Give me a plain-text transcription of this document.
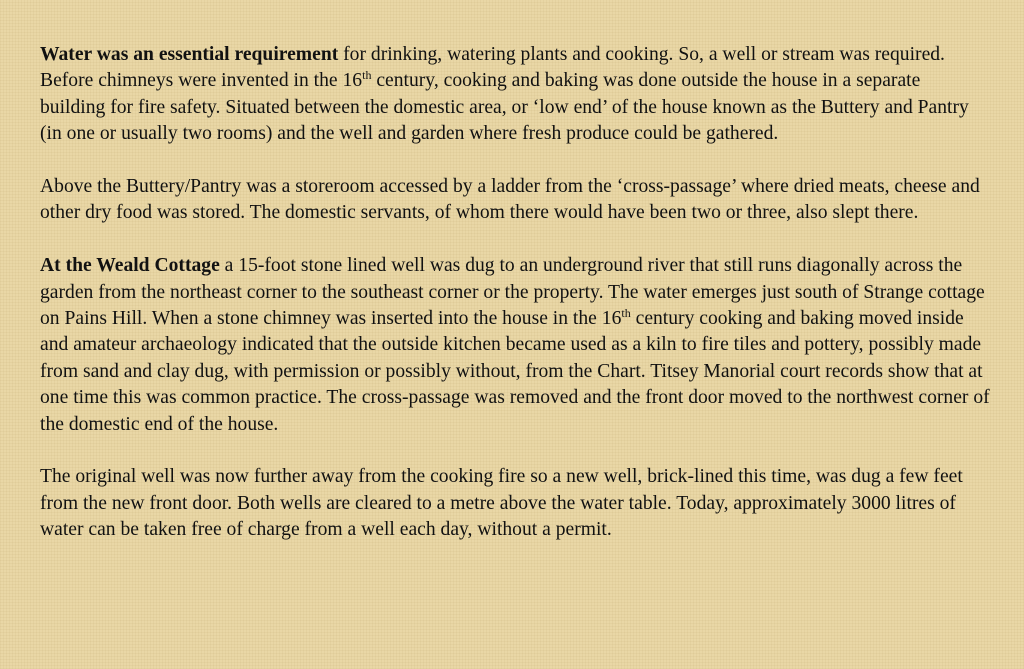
Water was an essential requirement for drinking, watering plants and cooking. So, a well or stream was required. Before chimneys were invented in the 16th century, cooking and baking was done outside the house in a separate building for fire safety. Situated between the domestic area, or ‘low end’ of the house known as the Buttery and Pantry (in one or usually two rooms) and the well and garden where fresh produce could be gathered.

Above the Buttery/Pantry was a storeroom accessed by a ladder from the ‘cross-passage’ where dried meats, cheese and other dry food was stored. The domestic servants, of whom there would have been two or three, also slept there.

At the Weald Cottage a 15-foot stone lined well was dug to an underground river that still runs diagonally across the garden from the northeast corner to the southeast corner or the property. The water emerges just south of Strange cottage on Pains Hill. When a stone chimney was inserted into the house in the 16th century cooking and baking moved inside and amateur archaeology indicated that the outside kitchen became used as a kiln to fire tiles and pottery, possibly made from sand and clay dug, with permission or possibly without, from the Chart. Titsey Manorial court records show that at one time this was common practice. The cross-passage was removed and the front door moved to the northwest corner of the domestic end of the house.

The original well was now further away from the cooking fire so a new well, brick-lined this time, was dug a few feet from the new front door. Both wells are cleared to a metre above the water table. Today, approximately 3000 litres of water can be taken free of charge from a well each day, without a permit.
